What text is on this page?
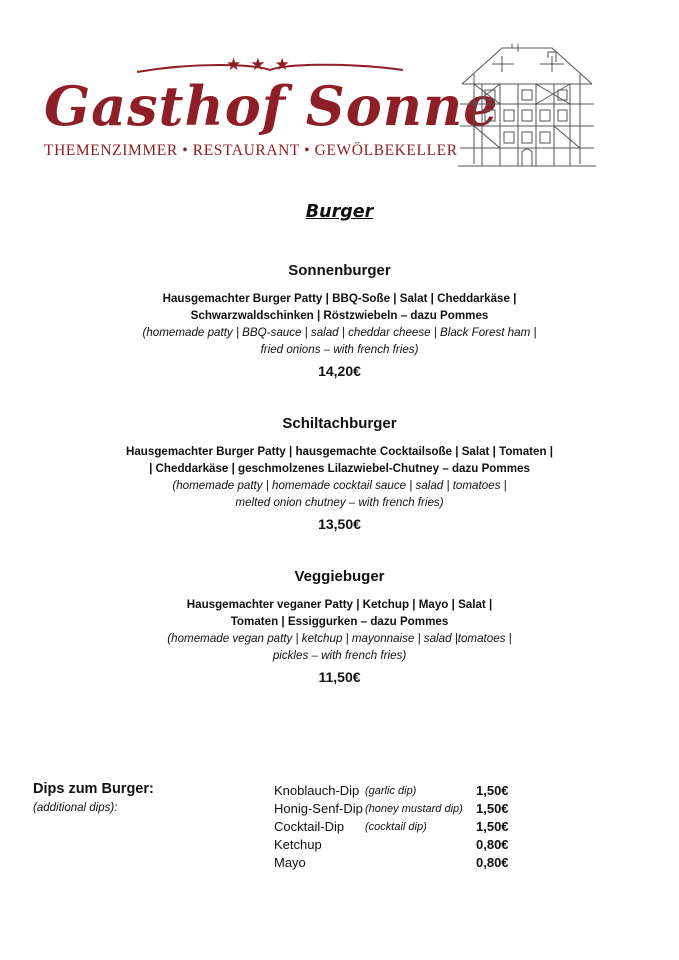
★★★
Gasthof Sonne
THEMENZIMMER • RESTAURANT • GEWÖLBEKELLER
Burger
Sonnenburger
Hausgemachter Burger Patty | BBQ-Soße | Salat | Cheddarkäse |
Schwarzwaldschinken | Röstzwiebeln – dazu Pommes
(homemade patty | BBQ-sauce | salad | cheddar cheese | Black Forest ham |
fried onions – with french fries)
14,20€
Schiltachburger
Hausgemachter Burger Patty | hausgemachte Cocktailsoße | Salat | Tomaten |
| Cheddarkäse | geschmolzenes Lilazwiebel-Chutney – dazu Pommes
(homemade patty | homemade cocktail sauce | salad | tomatoes |
melted onion chutney – with french fries)
13,50€
Veggiebuger
Hausgemachter veganer Patty | Ketchup | Mayo | Salat |
Tomaten | Essiggurken – dazu Pommes
(homemade vegan patty | ketchup | mayonnaise | salad |tomatoes |
pickles – with french fries)
11,50€
Dips zum Burger:
(additional dips):
Knoblauch-Dip (garlic dip)	1,50€
Honig-Senf-Dip (honey mustard dip) 1,50€
Cocktail-Dip (cocktail dip)	1,50€
Ketchup	0,80€
Mayo	0,80€
